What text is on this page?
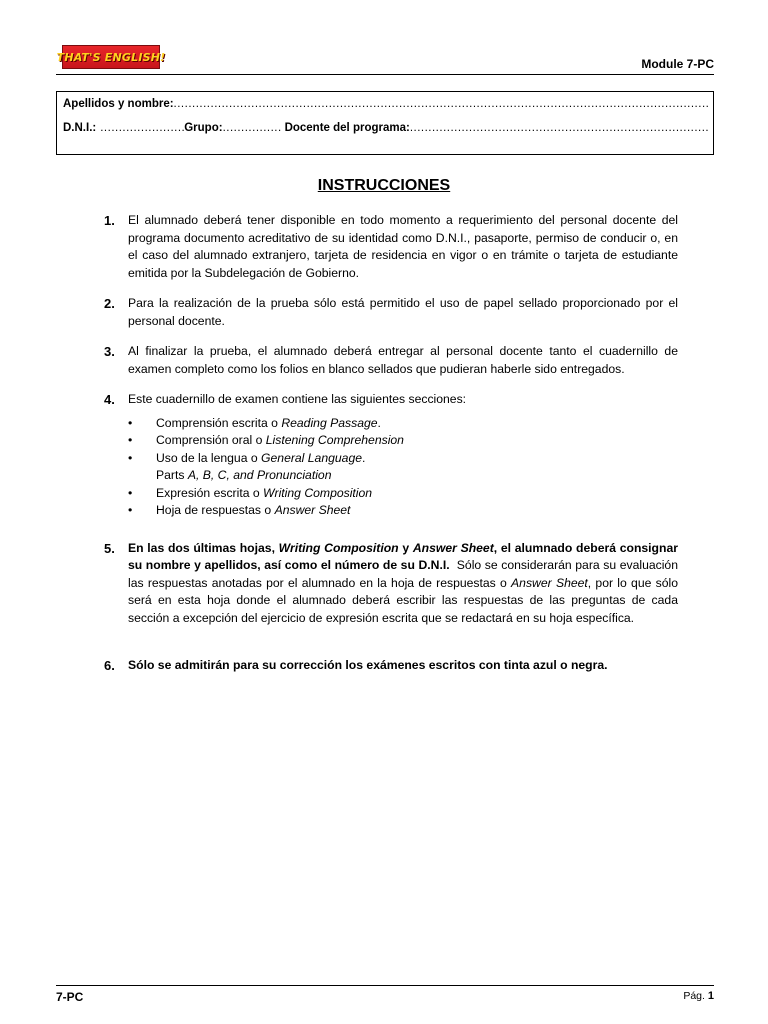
THAT'S ENGLISH!	Module 7-PC
Apellidos y nombre:
.....
D.N.I.: .....	Grupo: .....	Docente del programa:
.....
INSTRUCCIONES
1. El alumnado deberá tener disponible en todo momento a requerimiento del personal docente del programa documento acreditativo de su identidad como D.N.I., pasaporte, permiso de conducir o, en el caso del alumnado extranjero, tarjeta de residencia en vigor o en trámite o tarjeta de estudiante emitida por la Subdelegación de Gobierno.
2. Para la realización de la prueba sólo está permitido el uso de papel sellado proporcionado por el personal docente.
3. Al finalizar la prueba, el alumnado deberá entregar al personal docente tanto el cuadernillo de examen completo como los folios en blanco sellados que pudieran haberle sido entregados.
4. Este cuadernillo de examen contiene las siguientes secciones:
• Comprensión escrita o Reading Passage.
• Comprensión oral o Listening Comprehension
• Uso de la lengua o General Language.
Parts A, B, C, and Pronunciation
• Expresión escrita o Writing Composition
• Hoja de respuestas o Answer Sheet
5. En las dos últimas hojas, Writing Composition y Answer Sheet, el alumnado deberá consignar su nombre y apellidos, así como el número de su D.N.I.  Sólo se considerarán para su evaluación las respuestas anotadas por el alumnado en la hoja de respuestas o Answer Sheet, por lo que sólo será en esta hoja donde el alumnado deberá escribir las respuestas de las preguntas de cada sección a excepción del ejercicio de expresión escrita que se redactará en su hoja específica.
6. Sólo se admitirán para su corrección los exámenes escritos con tinta azul o negra.
7-PC	Pág. 1
